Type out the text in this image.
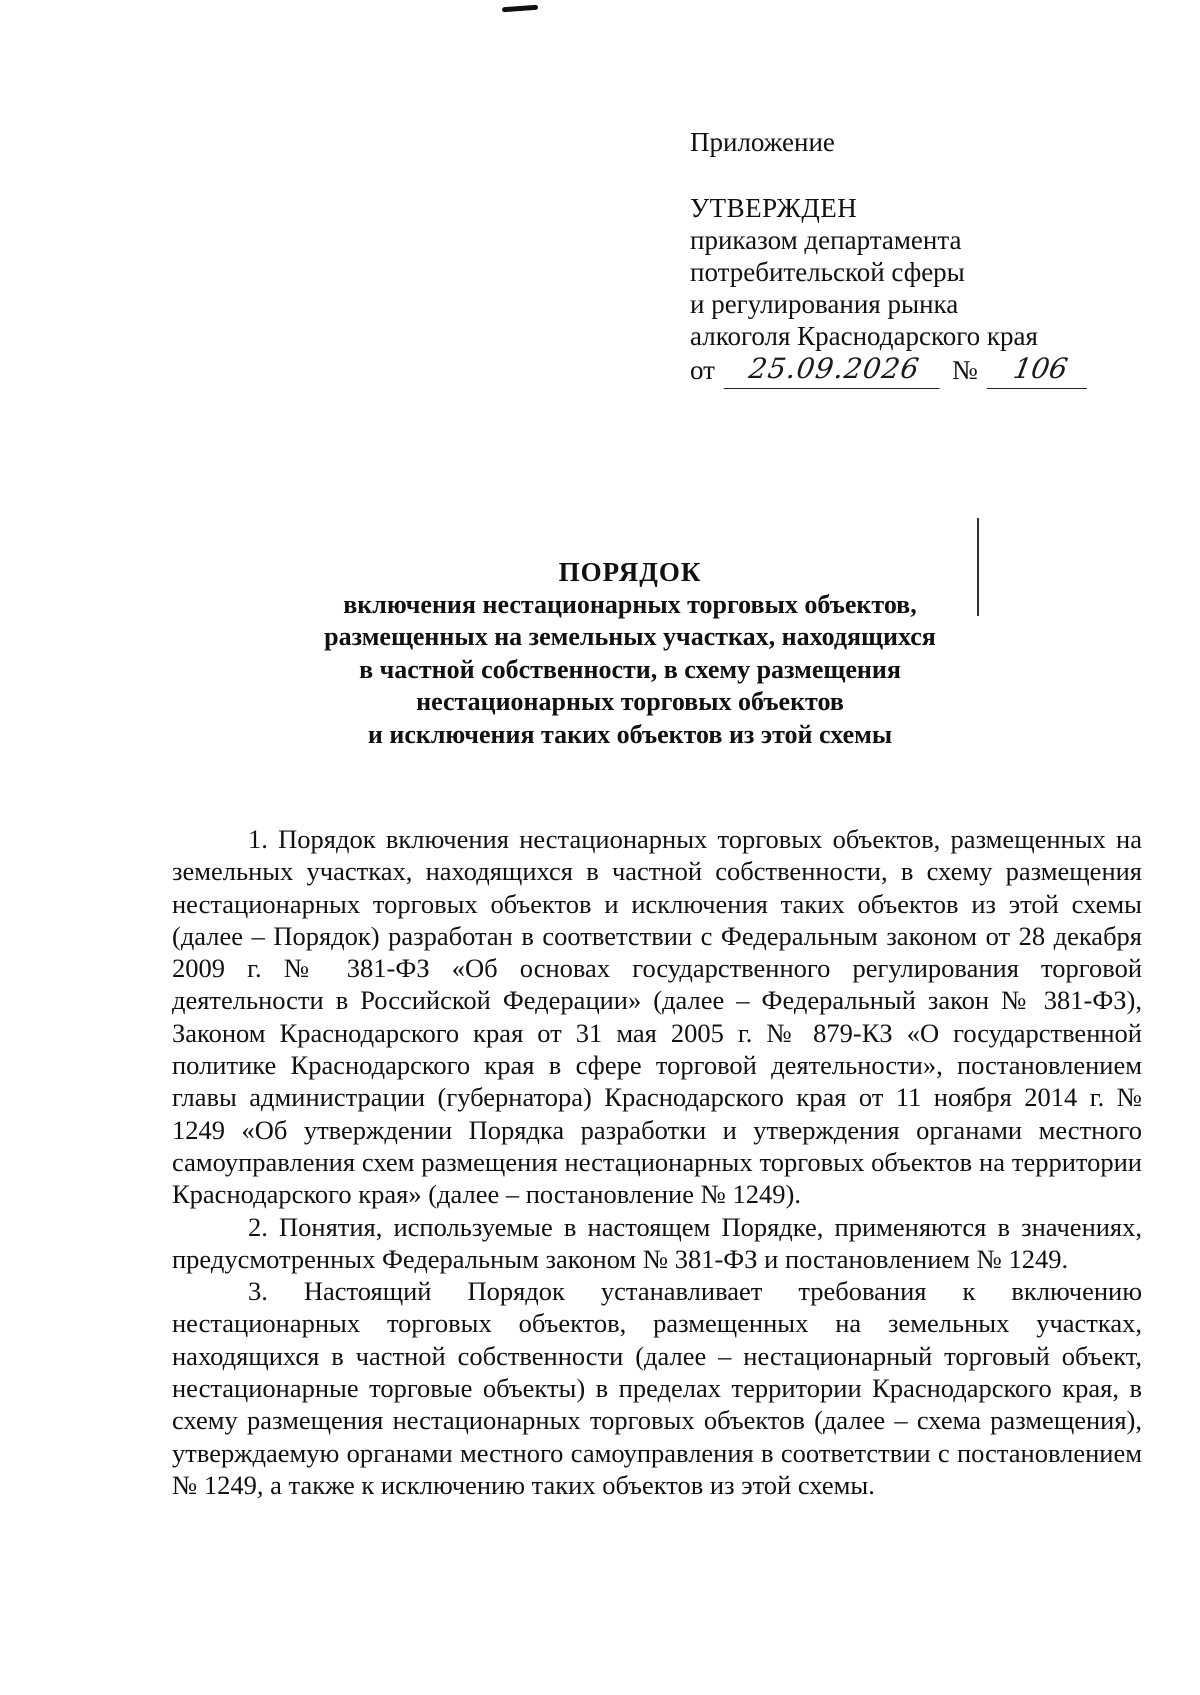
Приложение

УТВЕРЖДЕН

приказом департамента

потребительской сферы

и регулирования рынка

алкоголя Краснодарского края

от	25.09.2026	№	106
ПОРЯДОК
включения нестационарных торговых объектов,
размещенных на земельных участках, находящихся
в частной собственности, в схему размещения
нестационарных торговых объектов
и исключения таких объектов из этой схемы

1. Порядок включения нестационарных торговых объектов, размещенных на земельных участках, находящихся в частной собственности, в схему размещения нестационарных торговых объектов и исключения таких объектов из этой схемы (далее – Порядок) разработан в соответствии с Федеральным законом от 28 декабря 2009 г. № 381-ФЗ «Об основах государственного регулирования торговой деятельности в Российской Федерации» (далее – Федеральный закон № 381-ФЗ), Законом Краснодарского края от 31 мая 2005 г. № 879-КЗ «О государственной политике Краснодарского края в сфере торговой деятельности», постановлением главы администрации (губернатора) Краснодарского края от 11 ноября 2014 г. № 1249 «Об утверждении Порядка разработки и утверждения органами местного самоуправления схем размещения нестационарных торговых объектов на территории Краснодарского края» (далее – постановление № 1249).

2. Понятия, используемые в настоящем Порядке, применяются в значениях, предусмотренных Федеральным законом № 381-ФЗ и постановлением № 1249.

3. Настоящий Порядок устанавливает требования к включению нестационарных торговых объектов, размещенных на земельных участках, находящихся в частной собственности (далее – нестационарный торговый объект, нестационарные торговые объекты) в пределах территории Краснодарского края, в схему размещения нестационарных торговых объектов (далее – схема размещения), утверждаемую органами местного самоуправления в соответствии с постановлением № 1249, а также к исключению таких объектов из этой схемы.
